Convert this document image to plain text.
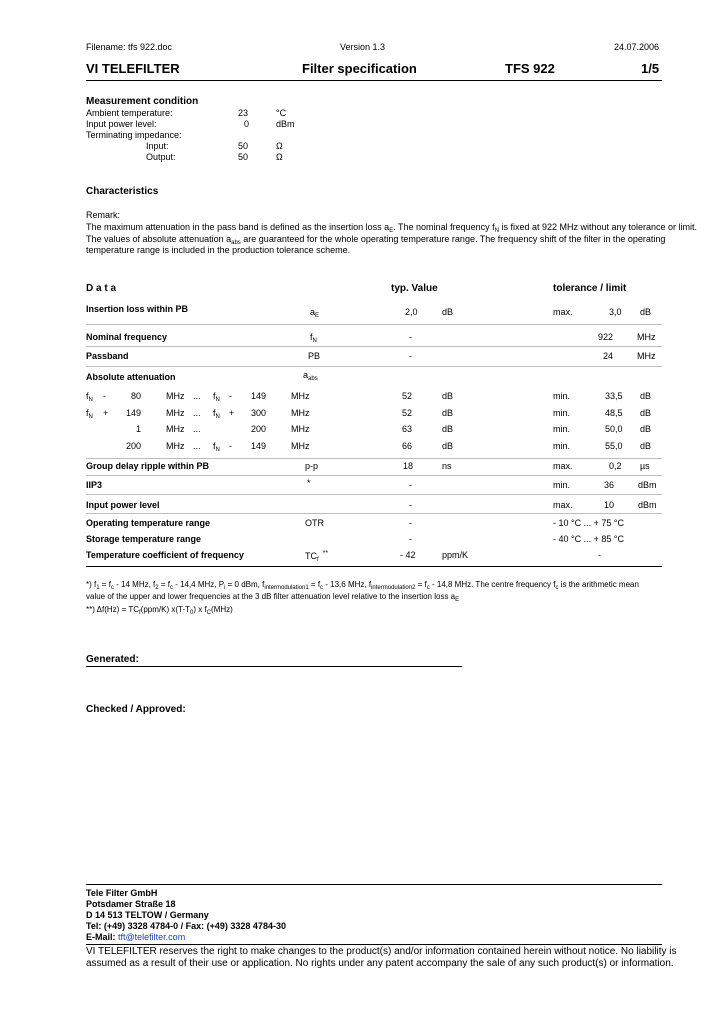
Filename: tfs 922.doc	Version 1.3	24.07.2006
VI TELEFILTER	Filter specification	TFS 922	1/5
Measurement condition
Ambient temperature:	23	°C
Input power level:	0	dBm
Terminating impedance:
Input:	50	Ω
Output:	50	Ω
Characteristics
Remark:
The maximum attenuation in the pass band is defined as the insertion loss $a_E$. The nominal frequency $f_N$ is fixed at 922 MHz without any tolerance or limit.
The values of absolute attenuation $a_{abs}$ are guaranteed for the whole operating temperature range. The frequency shift of the filter in the operating
temperature range is included in the production tolerance scheme.
D a t a	typ. Value	tolerance / limit
Insertion loss within PB	$a_E$	2,0	dB	max.	3,0 dB
Nominal frequency	$f_N$	-	922	MHz
Passband	PB	-	24	MHz
Absolute attenuation	$a_{abs}$
$f_N$ -	80	MHz ... $f_N - 149$	MHz	52	dB	min.	33,5 dB
$f_N + 149$	MHz ... $f_N + 300$	MHz	52	dB	min.	48,5 dB
1	MHz ...	200	MHz	63	dB	min.	50,0 dB
200	MHz ... $f_N - 149$	MHz	66	dB	min.	55,0 dB
Group delay ripple within PB	p-p	18	ns	max.	0,2 µs
IIP3	*	-	min.	36	dBm
Input power level	-	max.	10	dBm
Operating temperature range	OTR	-	- 10 °C ... + 75 °C
Storage temperature range	-	- 40 °C ... + 85 °C
Temperature coefficient of frequency	$TC_f^{**}$	- 42	ppm/K	-
*) $f_1 = f_c - 14$ MHz, $f_2 = f_c - 14,4$ MHz, $P_i = 0$ dBm, $f_{intermodulation1} = f_c - 13,6$ MHz, $f_{intermodulation2} = f_c - 14,8$ MHz. The centre frequency $f_c$ is the arithmetic mean
value of the upper and lower frequencies at the 3 dB filter attenuation level relative to the insertion loss $a_E$
**) $\Delta f(Hz) = TC_f(ppm/K)$ $x(T-T_0)$ x $f_C(MHz)$
Generated:
Checked / Approved:
Tele Filter GmbH
Potsdamer Straße 18
D 14 513 TELTOW / Germany
Tel: (+49) 3328 4784-0 / Fax: (+49) 3328 4784-30
E-Mail: tft@telefilter.com
VI TELEFILTER reserves the right to make changes to the product(s) and/or information contained herein without notice. No liability is
assumed as a result of their use or application. No rights under any patent accompany the sale of any such product(s) or information.
